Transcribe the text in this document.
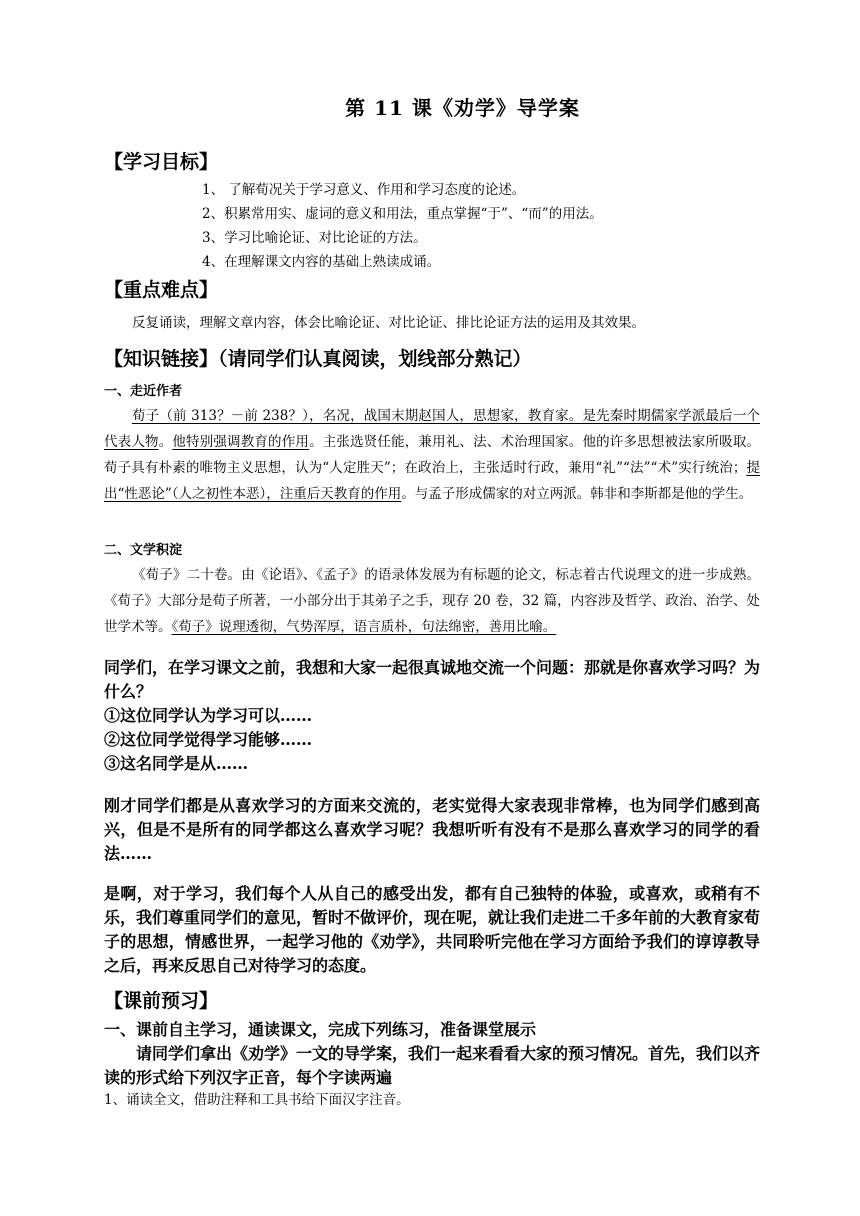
第 11 课《劝学》导学案
【学习目标】
1、 了解荀况关于学习意义、作用和学习态度的论述。
2、积累常用实、虚词的意义和用法，重点掌握“于”、“而”的用法。
3、学习比喻论证、对比论证的方法。
4、在理解课文内容的基础上熟读成诵。
【重点难点】
反复诵读，理解文章内容，体会比喻论证、对比论证、排比论证方法的运用及其效果。
【知识链接】（请同学们认真阅读，划线部分熟记）
一、走近作者
荀子（前 313？－前 238？），名况，战国末期赵国人，思想家，教育家。是先秦时期儒家学派最后一个代表人物。他特别强调教育的作用。主张选贤任能，兼用礼、法、术治理国家。他的许多思想被法家所吸取。荀子具有朴素的唯物主义思想，认为“人定胜天”；在政治上，主张适时行政，兼用“礼”“法”“术”实行统治；提出“性恶论”（人之初性本恶），注重后天教育的作用。与孟子形成儒家的对立两派。韩非和李斯都是他的学生。
二、文学积淀
《荀子》二十卷。由《论语》、《孟子》的语录体发展为有标题的论文，标志着古代说理文的进一步成熟。《荀子》大部分是荀子所著，一小部分出于其弟子之手，现存 20 卷，32 篇，内容涉及哲学、政治、治学、处世学术等。《荀子》说理透彻，气势浑厚，语言质朴，句法绵密，善用比喻。
同学们，在学习课文之前，我想和大家一起很真诚地交流一个问题：那就是你喜欢学习吗？为什么？
①这位同学认为学习可以……
②这位同学觉得学习能够……
③这名同学是从……
刚才同学们都是从喜欢学习的方面来交流的，老实觉得大家表现非常棒，也为同学们感到高兴，但是不是所有的同学都这么喜欢学习呢？我想听听有没有不是那么喜欢学习的同学的看法……
是啊，对于学习，我们每个人从自己的感受出发，都有自己独特的体验，或喜欢，或稍有不乐，我们尊重同学们的意见，暂时不做评价，现在呢，就让我们走进二千多年前的大教育家荀子的思想，情感世界，一起学习他的《劝学》，共同聆听完他在学习方面给予我们的谆谆教导之后，再来反思自己对待学习的态度。
【课前预习】
一、课前自主学习，通读课文，完成下列练习，准备课堂展示
请同学们拿出《劝学》一文的导学案，我们一起来看看大家的预习情况。首先，我们以齐读的形式给下列汉字正音，每个字读两遍
1、诵读全文，借助注释和工具书给下面汉字注音。
